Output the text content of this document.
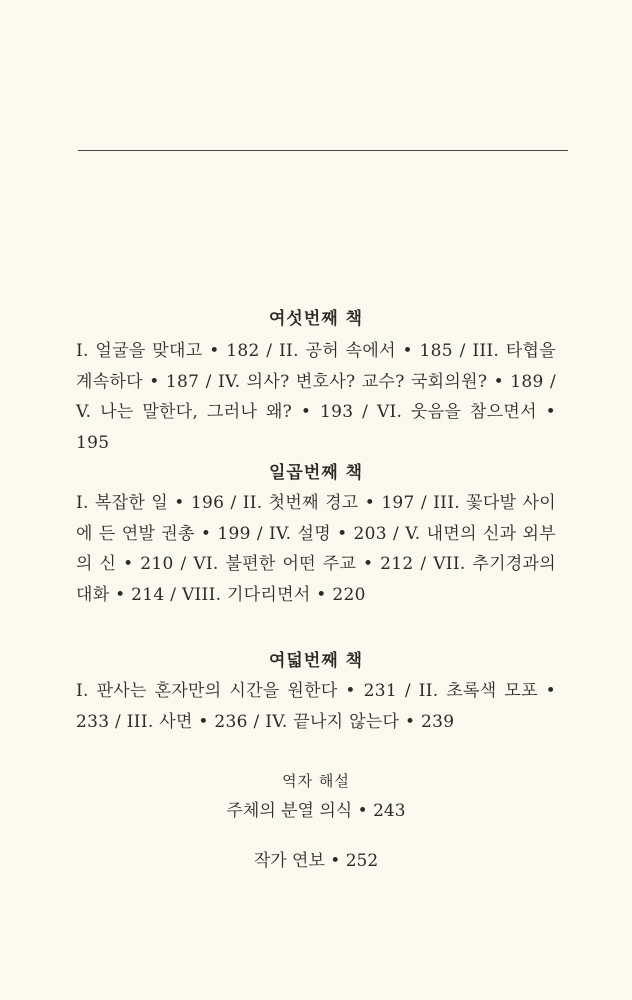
여섯번째 책
I. 얼굴을 맞대고 • 182 / II. 공허 속에서 • 185 / III. 타협을 계속하다 • 187 / IV. 의사? 변호사? 교수? 국회의원? • 189 / V. 나는 말한다, 그러나 왜? • 193 / VI. 웃음을 참으면서 • 195
일곱번째 책
I. 복잡한 일 • 196 / II. 첫번째 경고 • 197 / III. 꽃다발 사이에 든 연발 권총 • 199 / IV. 설명 • 203 / V. 내면의 신과 외부의 신 • 210 / VI. 불편한 어떤 주교 • 212 / VII. 추기경과의 대화 • 214 / VIII. 기다리면서 • 220
여덟번째 책
I. 판사는 혼자만의 시간을 원한다 • 231 / II. 초록색 모포 • 233 / III. 사면 • 236 / IV. 끝나지 않는다 • 239
역자 해설
주체의 분열 의식 • 243
작가 연보 • 252
